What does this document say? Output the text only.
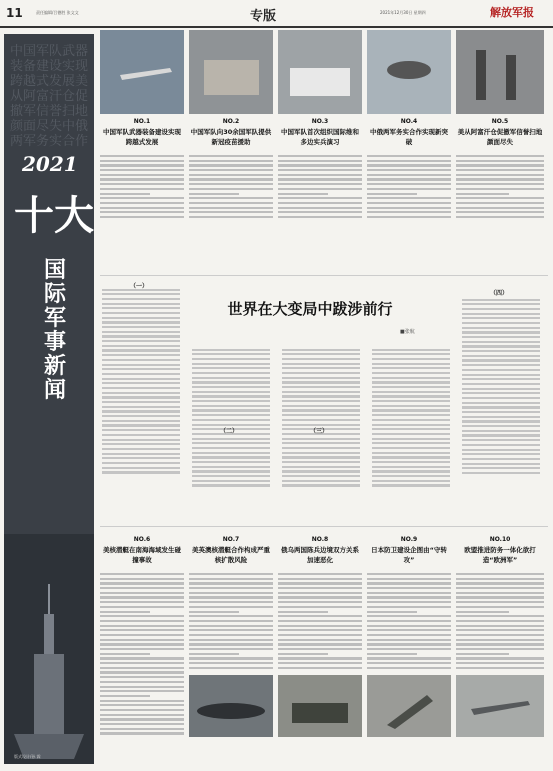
11	责任编辑/吕德胜 张文文	专版	2021年12月30日 星期四	解放军报
中国军队武器装备建设实现跨越式发展美从阿富汗仓促撤军信誉扫地颜面尽失中俄两军务实合作
2021
十大
国际军事新闻
版式设计/孙 霖
NO.1
中国军队武器装备建设实现跨越式发展
NO.2
中国军队向30余国军队提供新冠疫苗援助
NO.3
中国军队首次组织国际维和多边实兵演习
NO.4
中俄两军务实合作实现新突破
NO.5
美从阿富汗仓促撤军信誉扫地颜面尽失
世界在大变局中跋涉前行
■张航
（一）
（二）	（三）
（四）
NO.6
美核潜艇在南海海域发生碰撞事故
NO.7
美英澳核潜艇合作构成严重核扩散风险
NO.8
俄乌两国陈兵边境双方关系加速恶化
NO.9
日本防卫建设企图由“守转攻”
NO.10
欧盟推进防务一体化欲打造“欧洲军”
